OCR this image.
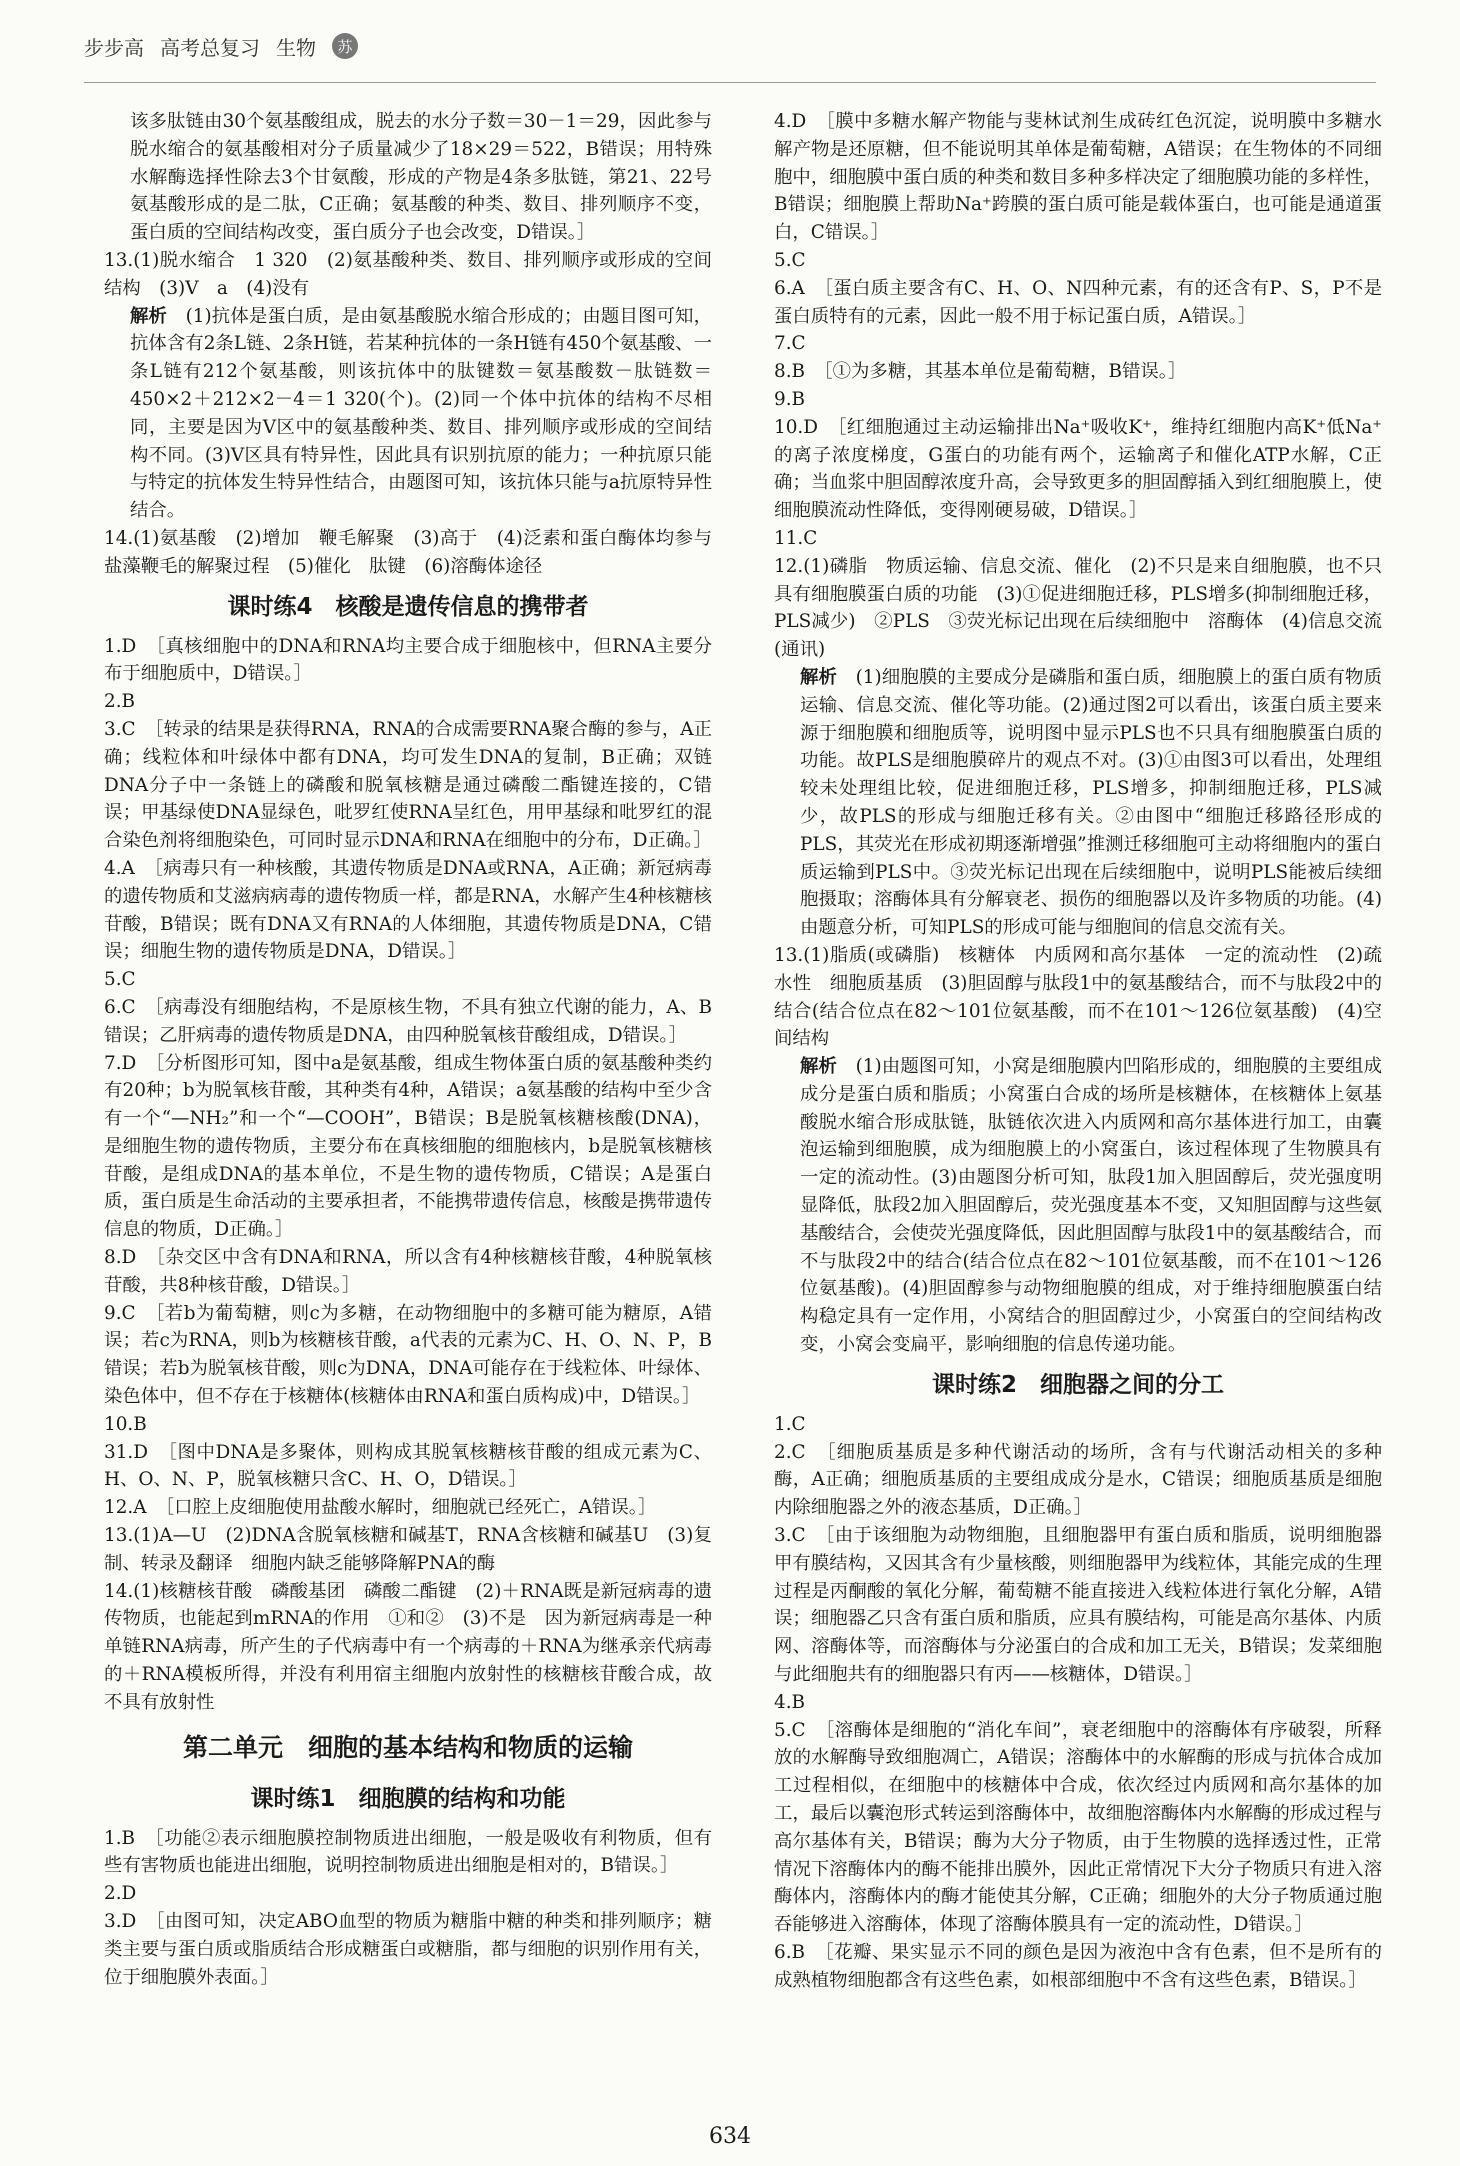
步步高 高考总复习 生物	苏
该多肽链由30个氨基酸组成，脱去的水分子数＝30－1＝29，因此参与脱水缩合的氨基酸相对分子质量减少了18×29＝522，B错误；用特殊水解酶选择性除去3个甘氨酸，形成的产物是4条多肽链，第21、22号氨基酸形成的是二肽，C正确；氨基酸的种类、数目、排列顺序不变，蛋白质的空间结构改变，蛋白质分子也会改变，D错误。］
13.(1)脱水缩合　1 320　(2)氨基酸种类、数目、排列顺序或形成的空间结构　(3)V　a　(4)没有
解析　(1)抗体是蛋白质，是由氨基酸脱水缩合形成的；由题目图可知，抗体含有2条L链、2条H链，若某种抗体的一条H链有450个氨基酸、一条L链有212个氨基酸，则该抗体中的肽键数＝氨基酸数－肽链数＝450×2＋212×2－4＝1 320(个)。(2)同一个体中抗体的结构不尽相同，主要是因为V区中的氨基酸种类、数目、排列顺序或形成的空间结构不同。(3)V区具有特异性，因此具有识别抗原的能力；一种抗原只能与特定的抗体发生特异性结合，由题图可知，该抗体只能与a抗原特异性结合。
14.(1)氨基酸　(2)增加　鞭毛解聚　(3)高于　(4)泛素和蛋白酶体均参与盐藻鞭毛的解聚过程　(5)催化　肽键　(6)溶酶体途径
课时练4　核酸是遗传信息的携带者
1.D　［真核细胞中的DNA和RNA均主要合成于细胞核中，但RNA主要分布于细胞质中，D错误。］
2.B
3.C　［转录的结果是获得RNA，RNA的合成需要RNA聚合酶的参与，A正确；线粒体和叶绿体中都有DNA，均可发生DNA的复制，B正确；双链DNA分子中一条链上的磷酸和脱氧核糖是通过磷酸二酯键连接的，C错误；甲基绿使DNA显绿色，吡罗红使RNA呈红色，用甲基绿和吡罗红的混合染色剂将细胞染色，可同时显示DNA和RNA在细胞中的分布，D正确。］
4.A　［病毒只有一种核酸，其遗传物质是DNA或RNA，A正确；新冠病毒的遗传物质和艾滋病病毒的遗传物质一样，都是RNA，水解产生4种核糖核苷酸，B错误；既有DNA又有RNA的人体细胞，其遗传物质是DNA，C错误；细胞生物的遗传物质是DNA，D错误。］
5.C
6.C　［病毒没有细胞结构，不是原核生物，不具有独立代谢的能力，A、B错误；乙肝病毒的遗传物质是DNA，由四种脱氧核苷酸组成，D错误。］
7.D　［分析图形可知，图中a是氨基酸，组成生物体蛋白质的氨基酸种类约有20种；b为脱氧核苷酸，其种类有4种，A错误；a氨基酸的结构中至少含有一个“—NH₂”和一个“—COOH”，B错误；B是脱氧核糖核酸(DNA)，是细胞生物的遗传物质，主要分布在真核细胞的细胞核内，b是脱氧核糖核苷酸，是组成DNA的基本单位，不是生物的遗传物质，C错误；A是蛋白质，蛋白质是生命活动的主要承担者，不能携带遗传信息，核酸是携带遗传信息的物质，D正确。］
8.D　［杂交区中含有DNA和RNA，所以含有4种核糖核苷酸，4种脱氧核苷酸，共8种核苷酸，D错误。］
9.C　［若b为葡萄糖，则c为多糖，在动物细胞中的多糖可能为糖原，A错误；若c为RNA，则b为核糖核苷酸，a代表的元素为C、H、O、N、P，B错误；若b为脱氧核苷酸，则c为DNA，DNA可能存在于线粒体、叶绿体、染色体中，但不存在于核糖体(核糖体由RNA和蛋白质构成)中，D错误。］
10.B
31.D　［图中DNA是多聚体，则构成其脱氧核糖核苷酸的组成元素为C、H、O、N、P，脱氧核糖只含C、H、O，D错误。］
12.A　［口腔上皮细胞使用盐酸水解时，细胞就已经死亡，A错误。］
13.(1)A—U　(2)DNA含脱氧核糖和碱基T，RNA含核糖和碱基U　(3)复制、转录及翻译　细胞内缺乏能够降解PNA的酶
14.(1)核糖核苷酸　磷酸基团　磷酸二酯键　(2)＋RNA既是新冠病毒的遗传物质，也能起到mRNA的作用　①和②　(3)不是　因为新冠病毒是一种单链RNA病毒，所产生的子代病毒中有一个病毒的＋RNA为继承亲代病毒的＋RNA模板所得，并没有利用宿主细胞内放射性的核糖核苷酸合成，故不具有放射性
第二单元　细胞的基本结构和物质的运输
课时练1　细胞膜的结构和功能
1.B　［功能②表示细胞膜控制物质进出细胞，一般是吸收有利物质，但有些有害物质也能进出细胞，说明控制物质进出细胞是相对的，B错误。］
2.D
3.D　［由图可知，决定ABO血型的物质为糖脂中糖的种类和排列顺序；糖类主要与蛋白质或脂质结合形成糖蛋白或糖脂，都与细胞的识别作用有关，位于细胞膜外表面。］
4.D　［膜中多糖水解产物能与斐林试剂生成砖红色沉淀，说明膜中多糖水解产物是还原糖，但不能说明其单体是葡萄糖，A错误；在生物体的不同细胞中，细胞膜中蛋白质的种类和数目多种多样决定了细胞膜功能的多样性，B错误；细胞膜上帮助Na⁺跨膜的蛋白质可能是载体蛋白，也可能是通道蛋白，C错误。］
5.C
6.A　［蛋白质主要含有C、H、O、N四种元素，有的还含有P、S，P不是蛋白质特有的元素，因此一般不用于标记蛋白质，A错误。］
7.C
8.B　［①为多糖，其基本单位是葡萄糖，B错误。］
9.B
10.D　［红细胞通过主动运输排出Na⁺吸收K⁺，维持红细胞内高K⁺低Na⁺的离子浓度梯度，G蛋白的功能有两个，运输离子和催化ATP水解，C正确；当血浆中胆固醇浓度升高，会导致更多的胆固醇插入到红细胞膜上，使细胞膜流动性降低，变得刚硬易破，D错误。］
11.C
12.(1)磷脂　物质运输、信息交流、催化　(2)不只是来自细胞膜，也不只具有细胞膜蛋白质的功能　(3)①促进细胞迁移，PLS增多(抑制细胞迁移，PLS减少)　②PLS　③荧光标记出现在后续细胞中　溶酶体　(4)信息交流(通讯)
解析　(1)细胞膜的主要成分是磷脂和蛋白质，细胞膜上的蛋白质有物质运输、信息交流、催化等功能。(2)通过图2可以看出，该蛋白质主要来源于细胞膜和细胞质等，说明图中显示PLS也不只具有细胞膜蛋白质的功能。故PLS是细胞膜碎片的观点不对。(3)①由图3可以看出，处理组较未处理组比较，促进细胞迁移，PLS增多，抑制细胞迁移，PLS减少，故PLS的形成与细胞迁移有关。②由图中“细胞迁移路径形成的PLS，其荧光在形成初期逐渐增强”推测迁移细胞可主动将细胞内的蛋白质运输到PLS中。③荧光标记出现在后续细胞中，说明PLS能被后续细胞摄取；溶酶体具有分解衰老、损伤的细胞器以及许多物质的功能。(4)由题意分析，可知PLS的形成可能与细胞间的信息交流有关。
13.(1)脂质(或磷脂)　核糖体　内质网和高尔基体　一定的流动性　(2)疏水性　细胞质基质　(3)胆固醇与肽段1中的氨基酸结合，而不与肽段2中的结合(结合位点在82～101位氨基酸，而不在101～126位氨基酸)　(4)空间结构
解析　(1)由题图可知，小窝是细胞膜内凹陷形成的，细胞膜的主要组成成分是蛋白质和脂质；小窝蛋白合成的场所是核糖体，在核糖体上氨基酸脱水缩合形成肽链，肽链依次进入内质网和高尔基体进行加工，由囊泡运输到细胞膜，成为细胞膜上的小窝蛋白，该过程体现了生物膜具有一定的流动性。(3)由题图分析可知，肽段1加入胆固醇后，荧光强度明显降低，肽段2加入胆固醇后，荧光强度基本不变，又知胆固醇与这些氨基酸结合，会使荧光强度降低，因此胆固醇与肽段1中的氨基酸结合，而不与肽段2中的结合(结合位点在82～101位氨基酸，而不在101～126位氨基酸)。(4)胆固醇参与动物细胞膜的组成，对于维持细胞膜蛋白结构稳定具有一定作用，小窝结合的胆固醇过少，小窝蛋白的空间结构改变，小窝会变扁平，影响细胞的信息传递功能。
课时练2　细胞器之间的分工
1.C
2.C　［细胞质基质是多种代谢活动的场所，含有与代谢活动相关的多种酶，A正确；细胞质基质的主要组成成分是水，C错误；细胞质基质是细胞内除细胞器之外的液态基质，D正确。］
3.C　［由于该细胞为动物细胞，且细胞器甲有蛋白质和脂质，说明细胞器甲有膜结构，又因其含有少量核酸，则细胞器甲为线粒体，其能完成的生理过程是丙酮酸的氧化分解，葡萄糖不能直接进入线粒体进行氧化分解，A错误；细胞器乙只含有蛋白质和脂质，应具有膜结构，可能是高尔基体、内质网、溶酶体等，而溶酶体与分泌蛋白的合成和加工无关，B错误；发菜细胞与此细胞共有的细胞器只有丙——核糖体，D错误。］
4.B
5.C　［溶酶体是细胞的“消化车间”，衰老细胞中的溶酶体有序破裂，所释放的水解酶导致细胞凋亡，A错误；溶酶体中的水解酶的形成与抗体合成加工过程相似，在细胞中的核糖体中合成，依次经过内质网和高尔基体的加工，最后以囊泡形式转运到溶酶体中，故细胞溶酶体内水解酶的形成过程与高尔基体有关，B错误；酶为大分子物质，由于生物膜的选择透过性，正常情况下溶酶体内的酶不能排出膜外，因此正常情况下大分子物质只有进入溶酶体内，溶酶体内的酶才能使其分解，C正确；细胞外的大分子物质通过胞吞能够进入溶酶体，体现了溶酶体膜具有一定的流动性，D错误。］
6.B　［花瓣、果实显示不同的颜色是因为液泡中含有色素，但不是所有的成熟植物细胞都含有这些色素，如根部细胞中不含有这些色素，B错误。］
634
